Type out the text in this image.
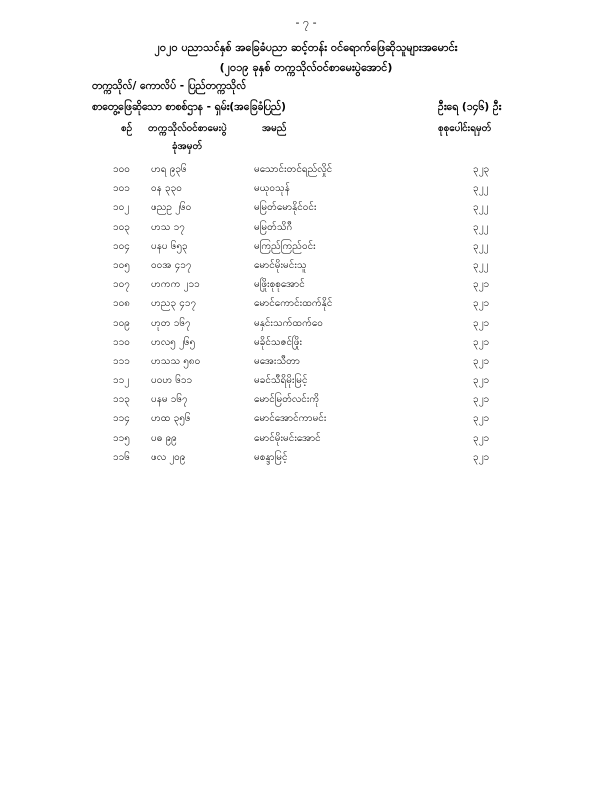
- ၇ -
၂၀၂၀ ပညာသင်နှစ် အခြေခံပညာ ဆင့်တန်း ဝင်ရောက်ဖြေဆိုသူများအမောင်း
(၂၀၁၉ ခုနှစ် တက္ကသိုလ်ဝင်စာမေးပွဲအောင်)
တက္ကသိုလ်/ ကောလိပ် - ပြည်တက္ကသိုလ်
စာတွေ့ဖြေဆိုသော စာစစ်ဌာန - ရှမ်း(အခြေခံပြည်)	ဦးရေ (၁၄၆) ဦး
စဉ် တက္ကသိုလ်ဝင်စာမေးပွဲ
ခုံအမှတ်
အမည်	စုစုပေါင်းရမှတ်
၁၀၀ ဟရ ၉၃၆	မသောင်းတင်ရည်လှိုင်	၃၂၃
၁၀၁ ဝန ၃၃၀	မယုဝသုန်	၃၂၂
၁၀၂ ဖညဥ ၂၆၀	မမြတ်မောနိုင်ဝင်း	၃၂၂
၁၀၃ ဟသ ၁၇	မမြတ်သိဂီ	၃၂၂
၁၀၄ ပနပ ၆၅၃	မကြည်ကြည်ဝင်း	၃၂၂
၁၀၅ ဝဝအ ၄၁၇	မောင်မိုးမင်းသူ	၃၂၂
၁၀၇ ဟကက ၂၁၁	မဖြိုးစုစုအောင်	၃၂၁
၁၀၈ ဟည၃ ၄၁၇	မောင်ကောင်းထက်နိုင်	၃၂၁
၁၀၉ ဟုတ ၁၆၇	မနှင်းသက်ထက်ဝေ	၃၂၁
၁၁၀ ဟလ၅ ၂၆၅	မခိုင်သဇင်ဖြိုး	၃၂၁
၁၁၁ ဟသသ ၅၈၀	မအေးသီတာ	၃၂၁
၁၁၂ ပဝဟ ၆၁၁	မခင်သီရိမိုးမြင့်	၃၂၁
၁၁၃ ပနမ ၁၆၇	မောင်မြတ်လင်းကို	၃၂၁
၁၁၄ ဟထ ၃၅၆	မောင်အောင်ကာမင်း	၃၂၁
၁၁၅ ပဓ ၉၉	မောင်မိုးမင်းအောင်	၃၂၁
၁၁၆ ဖလ ၂၀၉	မစန္ဒာမြင့်	၃၂၁
